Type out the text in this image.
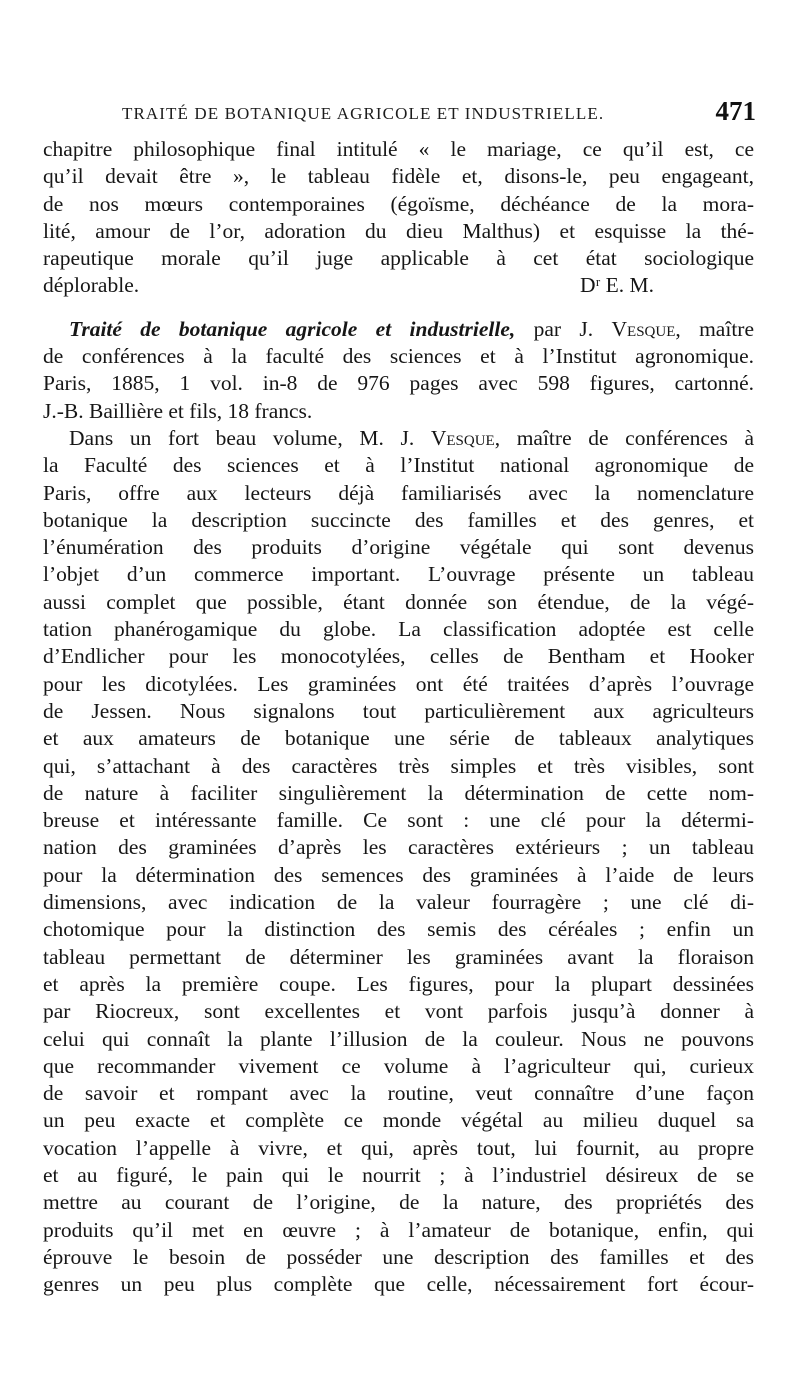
TRAITÉ DE BOTANIQUE AGRICOLE ET INDUSTRIELLE.	471
chapitre philosophique final intitulé « le mariage, ce qu’il est, ce
qu’il devait être », le tableau fidèle et, disons-le, peu engageant,
de nos mœurs contemporaines (égoïsme, déchéance de la mora-
lité, amour de l’or, adoration du dieu Malthus) et esquisse la thé-
rapeutique morale qu’il juge applicable à cet état sociologique
déplorable.	Dʳ E. M.
Traité de botanique agricole et industrielle, par J. Vesque, maître
de conférences à la faculté des sciences et à l’Institut agronomique.
Paris, 1885, 1 vol. in-8 de 976 pages avec 598 figures, cartonné.
J.-B. Baillière et fils, 18 francs.
Dans un fort beau volume, M. J. Vesque, maître de conférences à
la Faculté des sciences et à l’Institut national agronomique de
Paris, offre aux lecteurs déjà familiarisés avec la nomenclature
botanique la description succincte des familles et des genres, et
l’énumération des produits d’origine végétale qui sont devenus
l’objet d’un commerce important. L’ouvrage présente un tableau
aussi complet que possible, étant donnée son étendue, de la végé-
tation phanérogamique du globe. La classification adoptée est celle
d’Endlicher pour les monocotylées, celles de Bentham et Hooker
pour les dicotylées. Les graminées ont été traitées d’après l’ouvrage
de Jessen. Nous signalons tout particulièrement aux agriculteurs
et aux amateurs de botanique une série de tableaux analytiques
qui, s’attachant à des caractères très simples et très visibles, sont
de nature à faciliter singulièrement la détermination de cette nom-
breuse et intéressante famille. Ce sont : une clé pour la détermi-
nation des graminées d’après les caractères extérieurs ; un tableau
pour la détermination des semences des graminées à l’aide de leurs
dimensions, avec indication de la valeur fourragère ; une clé di-
chotomique pour la distinction des semis des céréales ; enfin un
tableau permettant de déterminer les graminées avant la floraison
et après la première coupe. Les figures, pour la plupart dessinées
par Riocreux, sont excellentes et vont parfois jusqu’à donner à
celui qui connaît la plante l’illusion de la couleur. Nous ne pouvons
que recommander vivement ce volume à l’agriculteur qui, curieux
de savoir et rompant avec la routine, veut connaître d’une façon
un peu exacte et complète ce monde végétal au milieu duquel sa
vocation l’appelle à vivre, et qui, après tout, lui fournit, au propre
et au figuré, le pain qui le nourrit ; à l’industriel désireux de se
mettre au courant de l’origine, de la nature, des propriétés des
produits qu’il met en œuvre ; à l’amateur de botanique, enfin, qui
éprouve le besoin de posséder une description des familles et des
genres un peu plus complète que celle, nécessairement fort écour-
